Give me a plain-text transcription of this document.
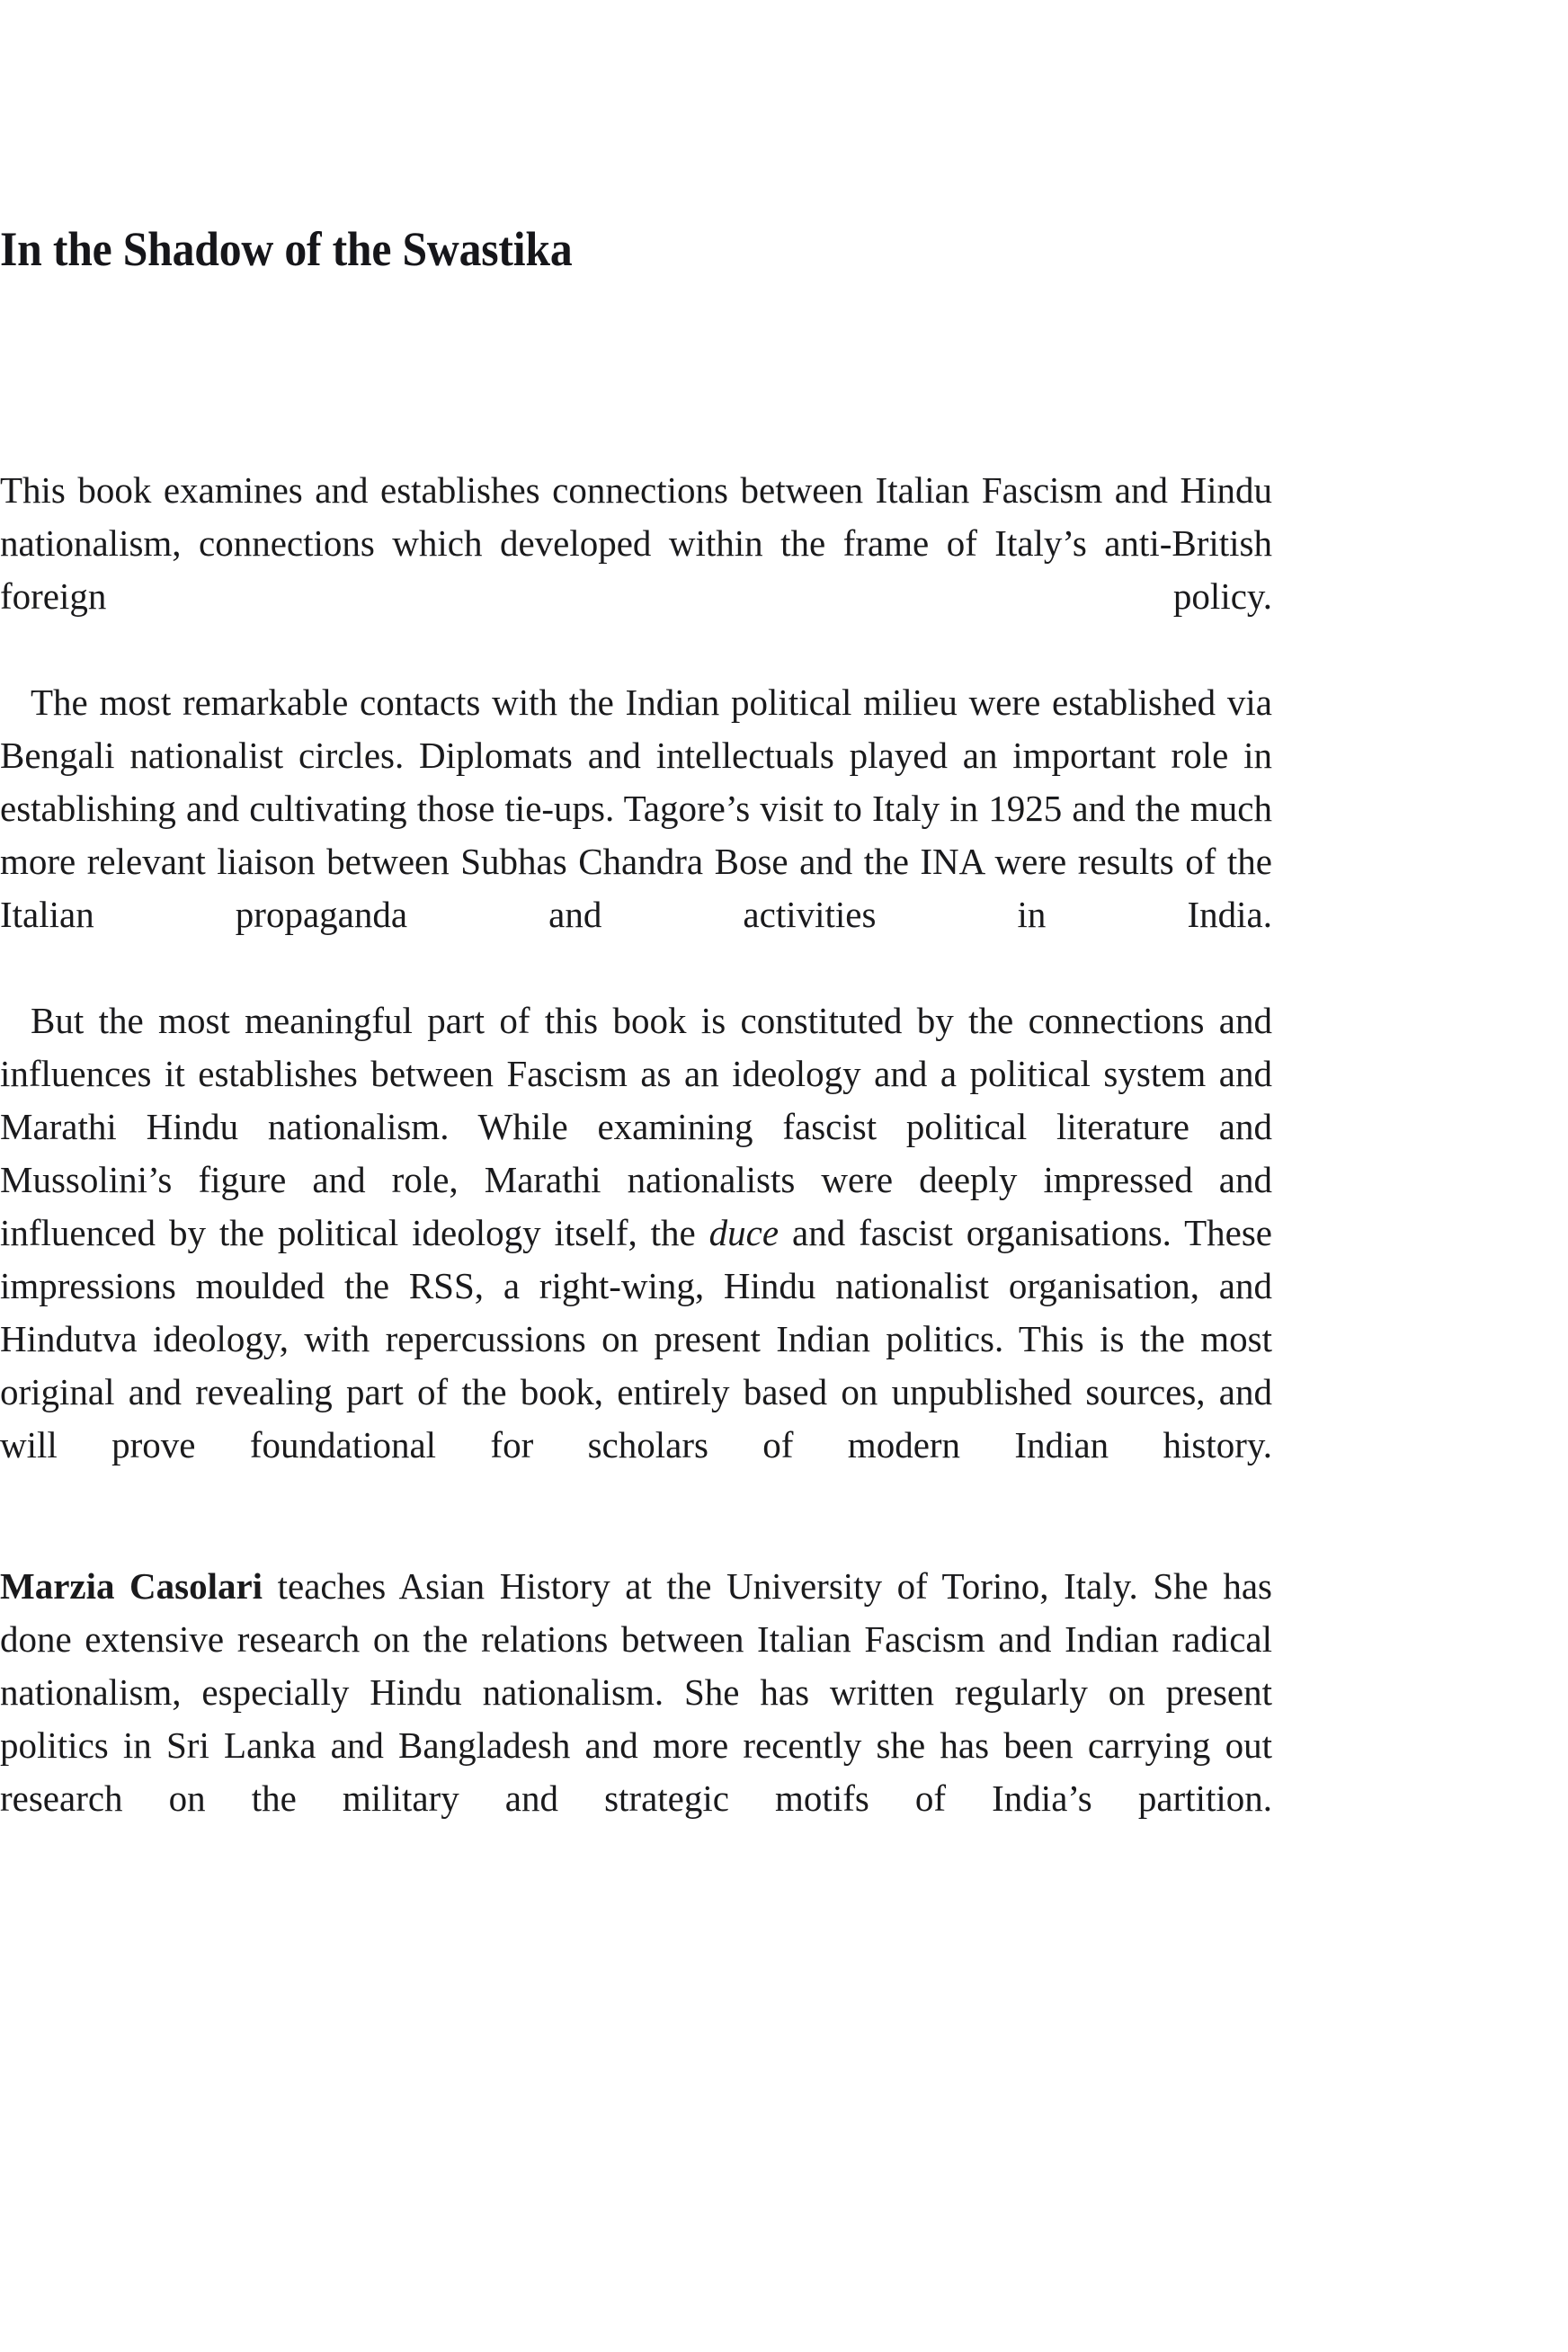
In the Shadow of the Swastika

This book examines and establishes connections between Italian Fascism and Hindu nationalism, connections which developed within the frame of Italy’s anti-British foreign policy.

The most remarkable contacts with the Indian political milieu were established via Bengali nationalist circles. Diplomats and intellectuals played an important role in establishing and cultivating those tie-ups. Tagore’s visit to Italy in 1925 and the much more relevant liaison between Subhas Chandra Bose and the INA were results of the Italian propaganda and activities in India.

But the most meaningful part of this book is constituted by the connections and influences it establishes between Fascism as an ideology and a political system and Marathi Hindu nationalism. While examining fascist political literature and Mussolini’s figure and role, Marathi nationalists were deeply impressed and influenced by the political ideology itself, the duce and fascist organisations. These impressions moulded the RSS, a right-wing, Hindu nationalist organisation, and Hindutva ideology, with repercussions on present Indian politics. This is the most original and revealing part of the book, entirely based on unpublished sources, and will prove foundational for scholars of modern Indian history.

Marzia Casolari teaches Asian History at the University of Torino, Italy. She has done extensive research on the relations between Italian Fascism and Indian radical nationalism, especially Hindu nationalism. She has written regularly on present politics in Sri Lanka and Bangladesh and more recently she has been carrying out research on the military and strategic motifs of India’s partition.
